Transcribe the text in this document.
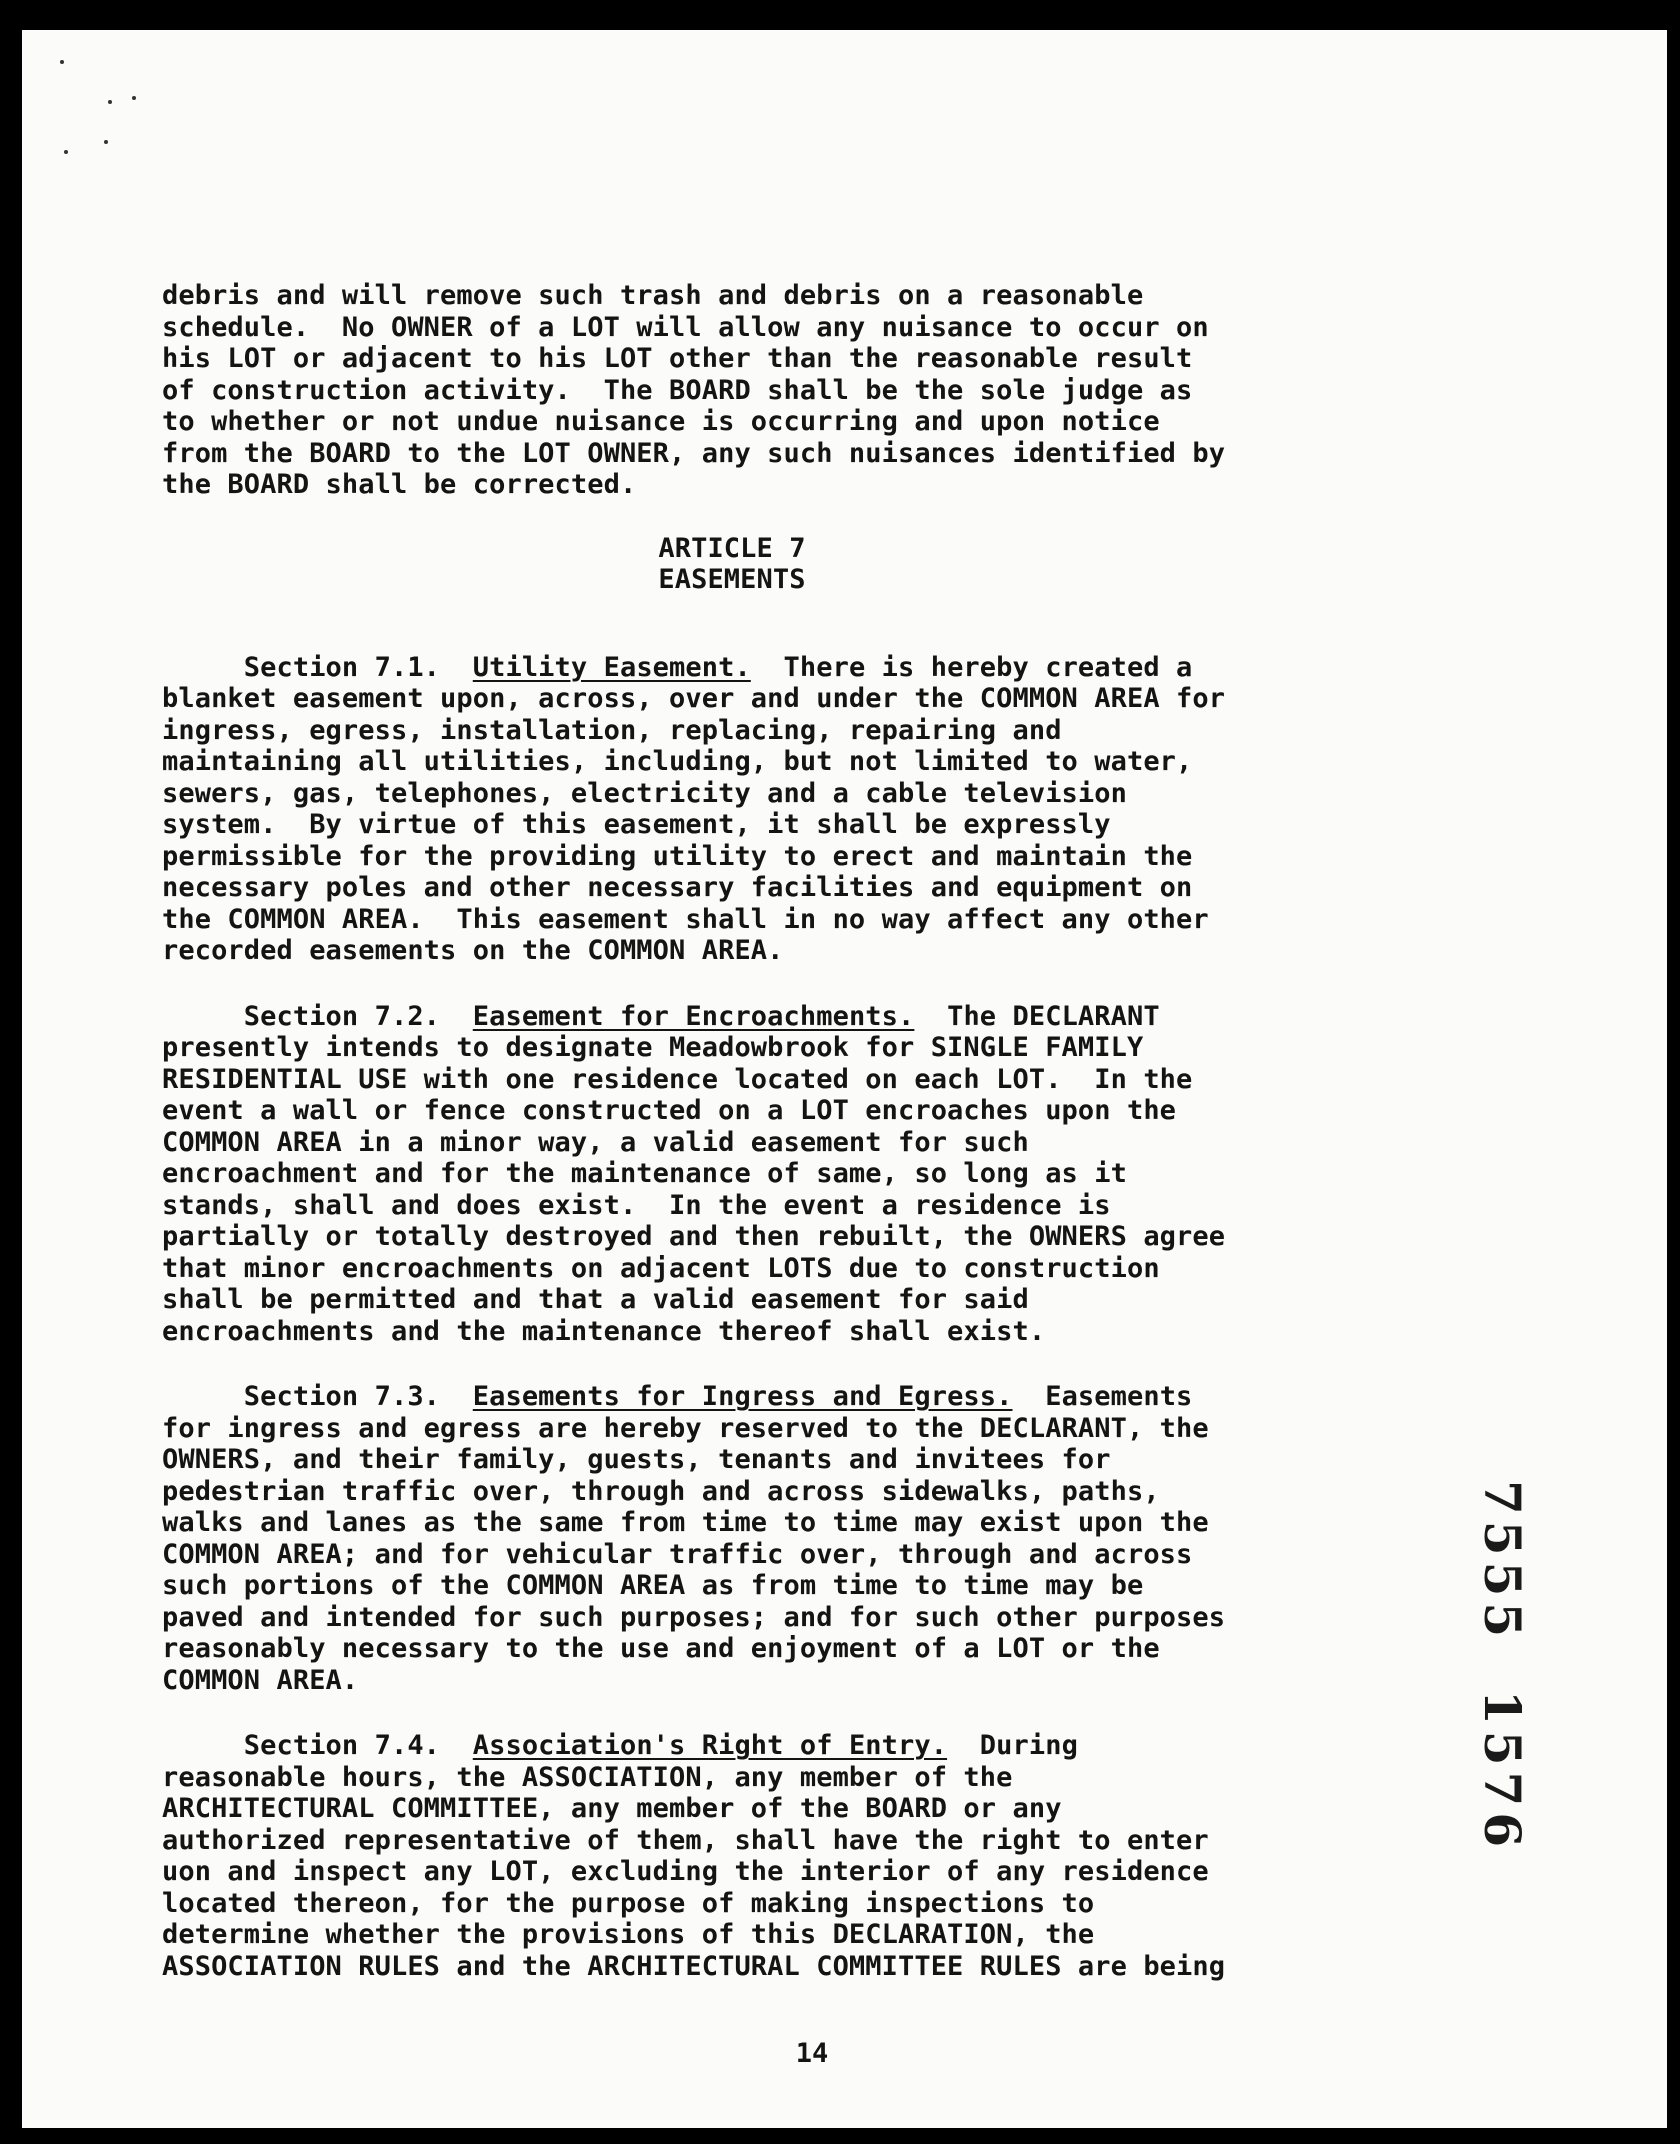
debris and will remove such trash and debris on a reasonable
schedule.  No OWNER of a LOT will allow any nuisance to occur on
his LOT or adjacent to his LOT other than the reasonable result
of construction activity.  The BOARD shall be the sole judge as
to whether or not undue nuisance is occurring and upon notice
from the BOARD to the LOT OWNER, any such nuisances identified by
the BOARD shall be corrected.
ARTICLE 7
EASEMENTS
Section 7.1.  Utility Easement.  There is hereby created a
blanket easement upon, across, over and under the COMMON AREA for
ingress, egress, installation, replacing, repairing and
maintaining all utilities, including, but not limited to water,
sewers, gas, telephones, electricity and a cable television
system.  By virtue of this easement, it shall be expressly
permissible for the providing utility to erect and maintain the
necessary poles and other necessary facilities and equipment on
the COMMON AREA.  This easement shall in no way affect any other
recorded easements on the COMMON AREA.
Section 7.2.  Easement for Encroachments.  The DECLARANT
presently intends to designate Meadowbrook for SINGLE FAMILY
RESIDENTIAL USE with one residence located on each LOT.  In the
event a wall or fence constructed on a LOT encroaches upon the
COMMON AREA in a minor way, a valid easement for such
encroachment and for the maintenance of same, so long as it
stands, shall and does exist.  In the event a residence is
partially or totally destroyed and then rebuilt, the OWNERS agree
that minor encroachments on adjacent LOTS due to construction
shall be permitted and that a valid easement for said
encroachments and the maintenance thereof shall exist.
Section 7.3.  Easements for Ingress and Egress.  Easements
for ingress and egress are hereby reserved to the DECLARANT, the
OWNERS, and their family, guests, tenants and invitees for
pedestrian traffic over, through and across sidewalks, paths,
walks and lanes as the same from time to time may exist upon the
COMMON AREA; and for vehicular traffic over, through and across
such portions of the COMMON AREA as from time to time may be
paved and intended for such purposes; and for such other purposes
reasonably necessary to the use and enjoyment of a LOT or the
COMMON AREA.
Section 7.4.  Association's Right of Entry.  During
reasonable hours, the ASSOCIATION, any member of the
ARCHITECTURAL COMMITTEE, any member of the BOARD or any
authorized representative of them, shall have the right to enter
uon and inspect any LOT, excluding the interior of any residence
located thereon, for the purpose of making inspections to
determine whether the provisions of this DECLARATION, the
ASSOCIATION RULES and the ARCHITECTURAL COMMITTEE RULES are being
14
7555  1576
